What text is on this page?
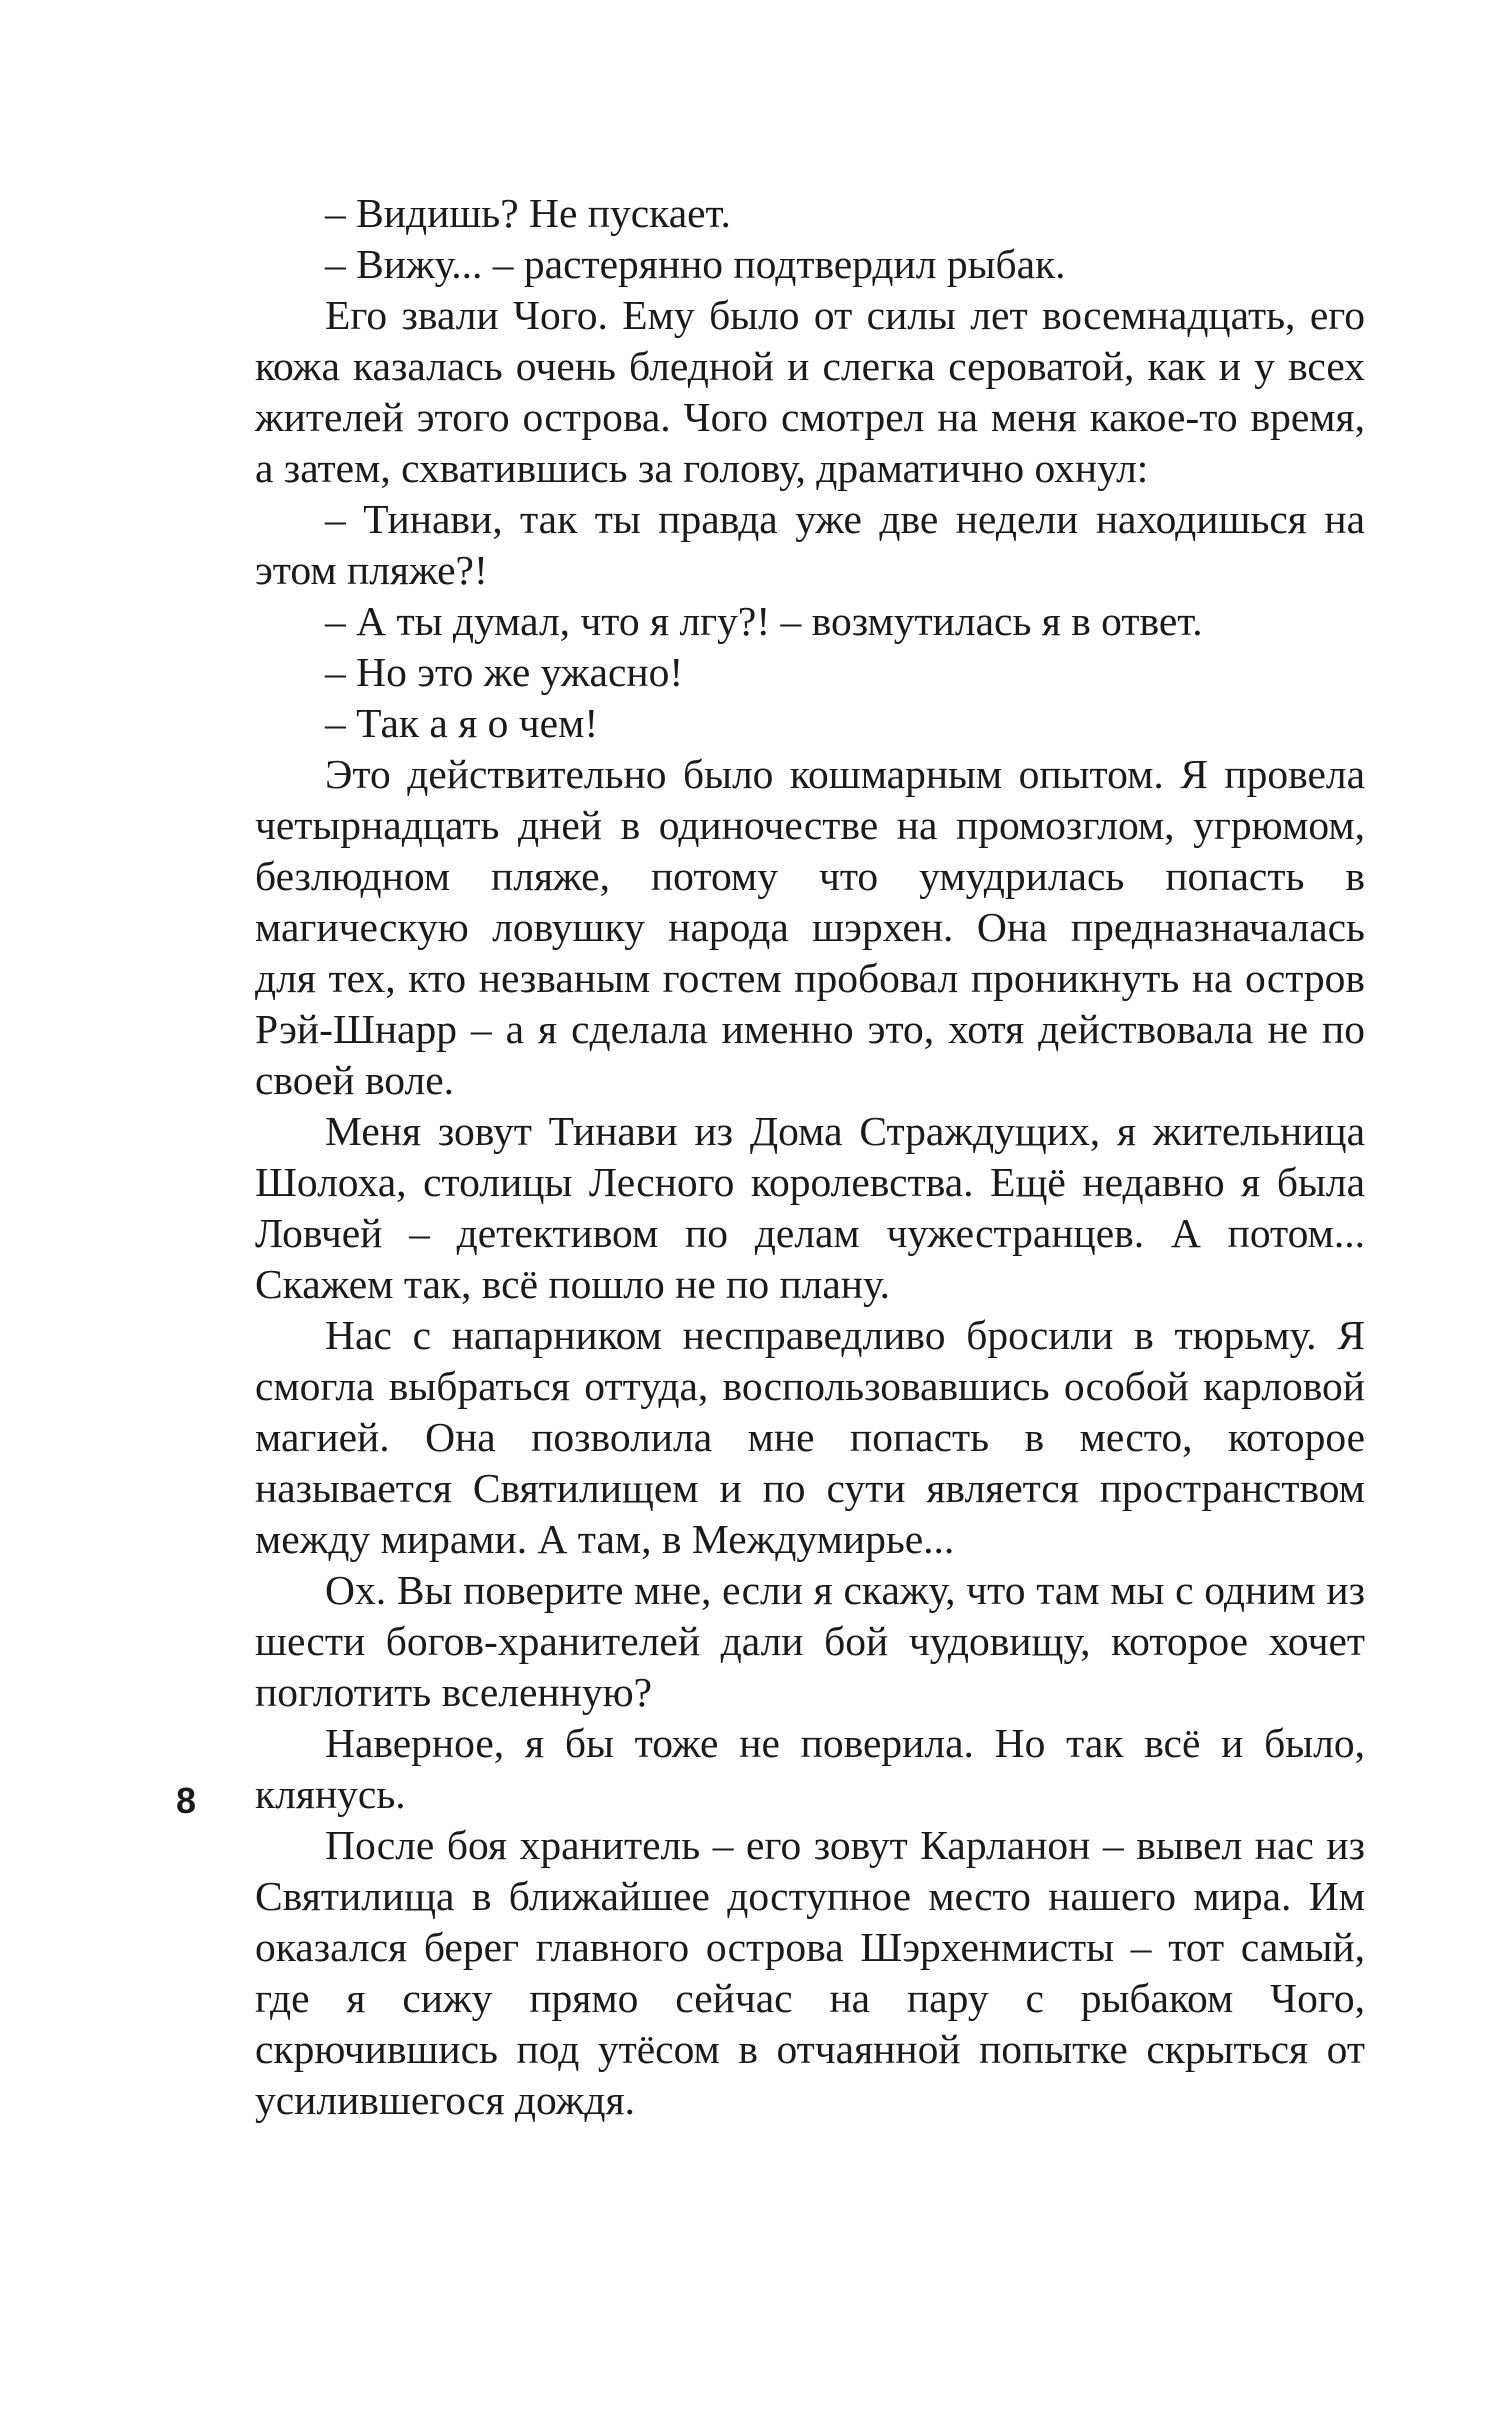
– Видишь? Не пускает.

– Вижу... – растерянно подтвердил рыбак.

Его звали Чого. Ему было от силы лет восемнадцать, его кожа казалась очень бледной и слегка сероватой, как и у всех жителей этого острова. Чого смотрел на меня какое-то время, а затем, схватившись за голову, драматично охнул:

– Тинави, так ты правда уже две недели находишься на этом пляже?!

– А ты думал, что я лгу?! – возмутилась я в ответ.

– Но это же ужасно!

– Так а я о чем!

Это действительно было кошмарным опытом. Я провела четырнадцать дней в одиночестве на промозглом, угрюмом, безлюдном пляже, потому что умудрилась попасть в магическую ловушку народа шэрхен. Она предназначалась для тех, кто незваным гостем пробовал проникнуть на остров Рэй-Шнарр – а я сделала именно это, хотя действовала не по своей воле.

Меня зовут Тинави из Дома Страждущих, я жительница Шолоха, столицы Лесного королевства. Ещё недавно я была Ловчей – детективом по делам чужестранцев. А потом... Скажем так, всё пошло не по плану.

Нас с напарником несправедливо бросили в тюрьму. Я смогла выбраться оттуда, воспользовавшись особой карловой магией. Она позволила мне попасть в место, которое называется Святилищем и по сути является пространством между мирами. А там, в Междумирье...

Ох. Вы поверите мне, если я скажу, что там мы с одним из шести богов-хранителей дали бой чудовищу, которое хочет поглотить вселенную?

Наверное, я бы тоже не поверила. Но так всё и было, клянусь.

После боя хранитель – его зовут Карланон – вывел нас из Святилища в ближайшее доступное место нашего мира. Им оказался берег главного острова Шэрхенмисты – тот самый, где я сижу прямо сейчас на пару с рыбаком Чого, скрючившись под утёсом в отчаянной попытке скрыться от усилившегося дождя.

8
